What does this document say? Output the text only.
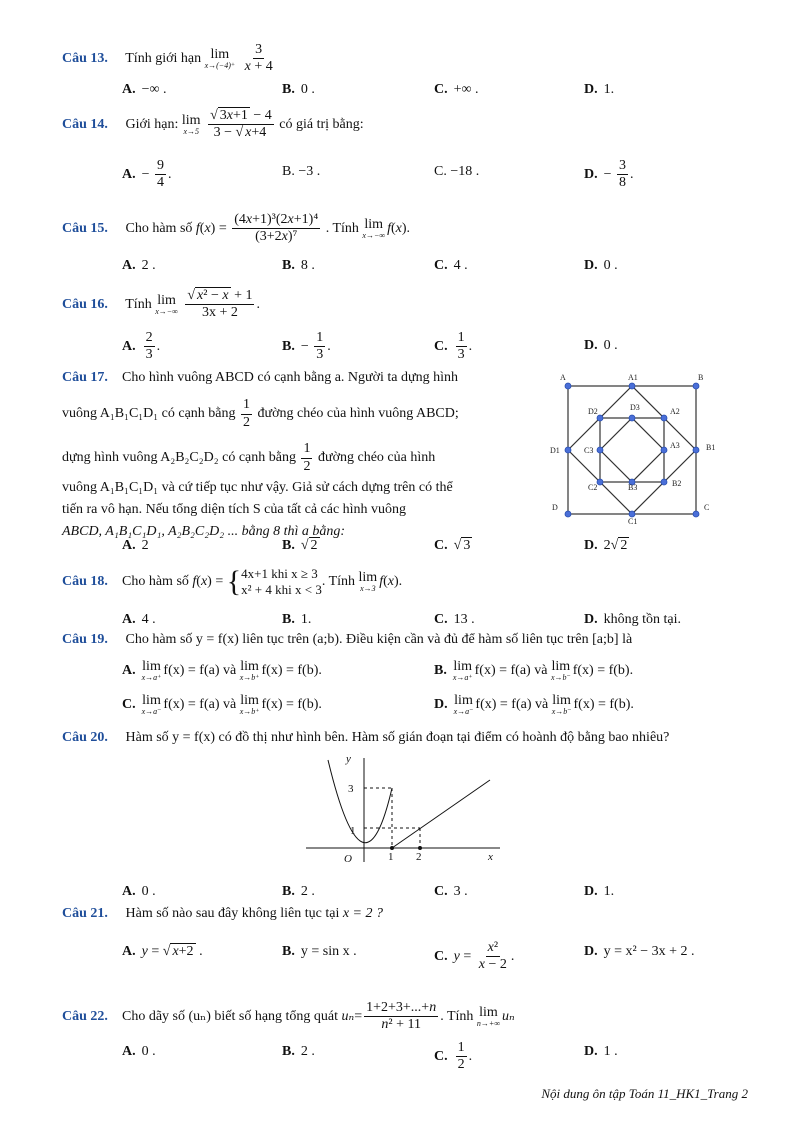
Câu 13. Tính giới hạn lim
x→(−4)⁺
$\frac{3}{x + 4}$
A. −∞ .	B. 0 .	C. +∞ .	D. 1.
Câu 14. Giới hạn: lim
x→5
$\frac{√ 3x+1 - 4}{3 - √ x+4}$ có giá trị bằng:
A. − $\frac{9}{4}$ .	B. −3 .	C. −18 .	D. − $\frac{3}{8}$ .
Câu 15. Cho hàm số $f(x) = \frac{\text{(4x+1)³(2x+1)⁴}}{\text{(3+2x)⁷}}$ . Tính lim
x→−∞ f(x).
A. 2 .	B. 8 .	C. 4 .	D. 0 .
Câu 16. Tính lim
x→−∞
$\frac{\text{√ x² − x + 1}}{3x + 2}$ .
A. $\frac{2}{3}$ .	B. − $\frac{1}{3}$ .	C. $\frac{1}{3}$ .	D. 0 .
Câu 17. Cho hình vuông ABCD có cạnh bằng a. Người ta dựng hình
vuông A₁B₁C₁D₁ có cạnh bằng
$\frac{1}{2}$
đường chéo của hình vuông ABCD;
dựng hình vuông A₂B₂C₂D₂ có cạnh bằng
$\frac{1}{2}$
đường chéo của hình
vuông A₁B₁C₁D₁ và cứ tiếp tục như vậy. Giả sử cách dựng trên có thể
tiến ra vô hạn. Nếu tổng diện tích S của tất cả các hình vuông
ABCD, A₁B₁C₁D₁, A₂B₂C₂D₂ ... bằng 8 thì a bằng:
A	A1	B
D2	D3	A2
D1	C3
A3	B1
C2	B3	B2
D	C
C1
A. 2	B. √ 2	C. √ 3	D. 2√ 2
Câu 18.	Cho hàm số
f ( x ) = { 4x+1 khi x ≥ 3
x² + 4 khi x < 3
. Tính
lim
x→3 f ( x ).
A. 4 .	B. 1.	C. 13 .	D. không tồn tại.
Câu 19. Cho hàm số y = f(x) liên tục trên (a;b). Điều kiện cần và đủ để hàm số liên tục trên [a;b] là
A. lim
x→a⁺ f(x) = f(a) và lim
x→b⁺ f(x) = f(b).	B. lim
x→a⁺ f(x) = f(a) và lim
x→b⁻ f(x) = f(b).
C. lim
x→a⁻ f(x) = f(a) và lim
x→b⁺ f(x) = f(b).	D. lim
x→a⁻ f(x) = f(a) và lim
x→b⁻ f(x) = f(b).
Câu 20. Hàm số y = f(x) có đồ thị như hình bên. Hàm số gián đoạn tại điểm có hoành độ bằng bao nhiêu?
y
3
1
O	1 2	x
A. 0 .	B. 2 .	C. 3 .	D. 1.
Câu 21. Hàm số nào sau đây không liên tục tại x = 2 ?
A. y = √ x+2 .	B. y = sin x .	C. $y = \frac{\text{x²}}{x - 2}$ .	D. y = x² − 3x + 2 .
Câu 22.	Cho dãy số (uₙ) biết số hạng tổng quát
$u_n = \frac{1+2+3+...+n}{\text{n² + 11}}$ . Tính
lim
n→+∞ uₙ
A. 0 .	B. 2 .	C. $\frac{1}{2}$ .	D. 1 .
Nội dung ôn tập Toán 11_HK1_Trang 2
